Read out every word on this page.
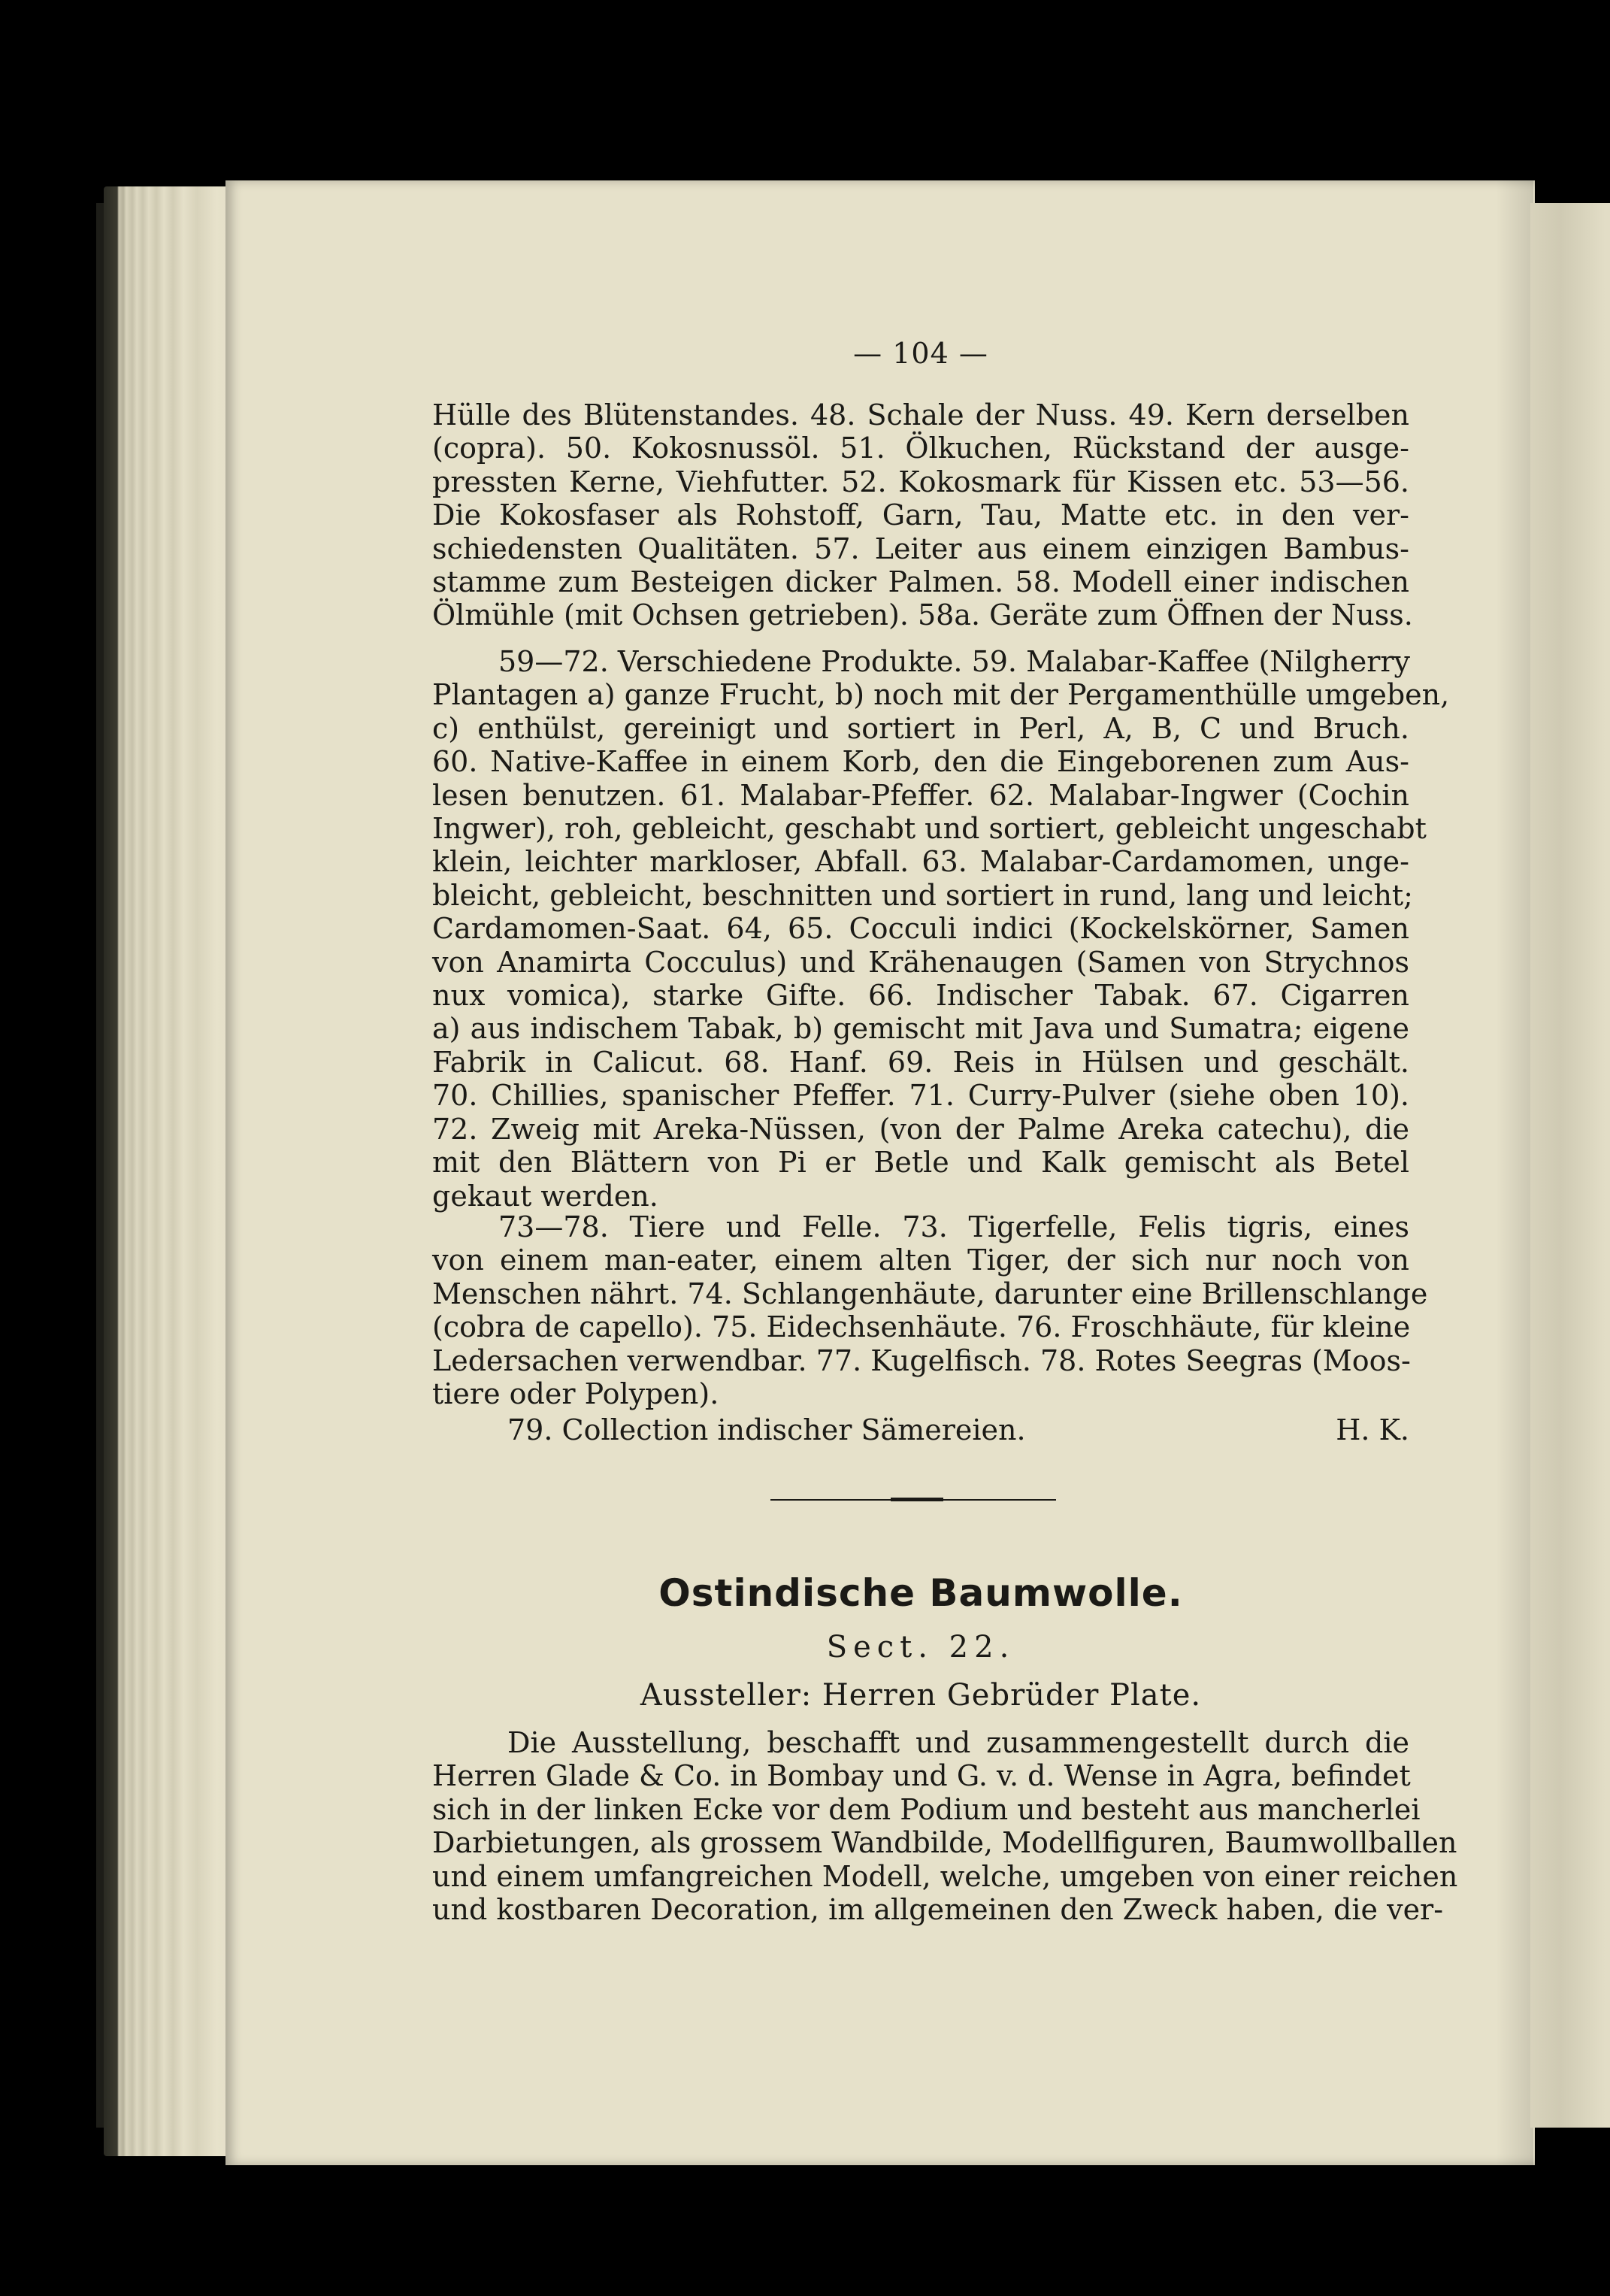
— 104 —
Hülle des Blütenstandes. 48. Schale der Nuss. 49. Kern derselben
(copra). 50. Kokosnussöl. 51. Ölkuchen, Rückstand der ausge-
pressten Kerne, Viehfutter. 52. Kokosmark für Kissen etc. 53—56.
Die Kokosfaser als Rohstoff, Garn, Tau, Matte etc. in den ver-
schiedensten Qualitäten. 57. Leiter aus einem einzigen Bambus-
stamme zum Besteigen dicker Palmen. 58. Modell einer indischen
Ölmühle (mit Ochsen getrieben). 58a. Geräte zum Öffnen der Nuss.
59—72. Verschiedene Produkte. 59. Malabar-Kaffee (Nilgherry
Plantagen a) ganze Frucht, b) noch mit der Pergamenthülle umgeben,
c) enthülst, gereinigt und sortiert in Perl, A, B, C und Bruch.
60. Native-Kaffee in einem Korb, den die Eingeborenen zum Aus-
lesen benutzen. 61. Malabar-Pfeffer. 62. Malabar-Ingwer (Cochin
Ingwer), roh, gebleicht, geschabt und sortiert, gebleicht ungeschabt
klein, leichter markloser, Abfall. 63. Malabar-Cardamomen, unge-
bleicht, gebleicht, beschnitten und sortiert in rund, lang und leicht;
Cardamomen-Saat. 64, 65. Cocculi indici (Kockelskörner, Samen
von Anamirta Cocculus) und Krähenaugen (Samen von Strychnos
nux vomica), starke Gifte. 66. Indischer Tabak. 67. Cigarren
a) aus indischem Tabak, b) gemischt mit Java und Sumatra; eigene
Fabrik in Calicut. 68. Hanf. 69. Reis in Hülsen und geschält.
70. Chillies, spanischer Pfeffer. 71. Curry-Pulver (siehe oben 10).
72. Zweig mit Areka-Nüssen, (von der Palme Areka catechu), die
mit den Blättern von Pi er Betle und Kalk gemischt als Betel
gekaut werden.
73—78. Tiere und Felle. 73. Tigerfelle, Felis tigris, eines
von einem man-eater, einem alten Tiger, der sich nur noch von
Menschen nährt. 74. Schlangenhäute, darunter eine Brillenschlange
(cobra de capello). 75. Eidechsenhäute. 76. Froschhäute, für kleine
Ledersachen verwendbar. 77. Kugelfisch. 78. Rotes Seegras (Moos-
tiere oder Polypen).
79. Collection indischer Sämereien.	H. K.
Ostindische Baumwolle.
Sect. 22.
Aussteller: Herren Gebrüder Plate.
Die Ausstellung, beschafft und zusammengestellt durch die
Herren Glade & Co. in Bombay und G. v. d. Wense in Agra, befindet
sich in der linken Ecke vor dem Podium und besteht aus mancherlei
Darbietungen, als grossem Wandbilde, Modellfiguren, Baumwollballen
und einem umfangreichen Modell, welche, umgeben von einer reichen
und kostbaren Decoration, im allgemeinen den Zweck haben, die ver-
